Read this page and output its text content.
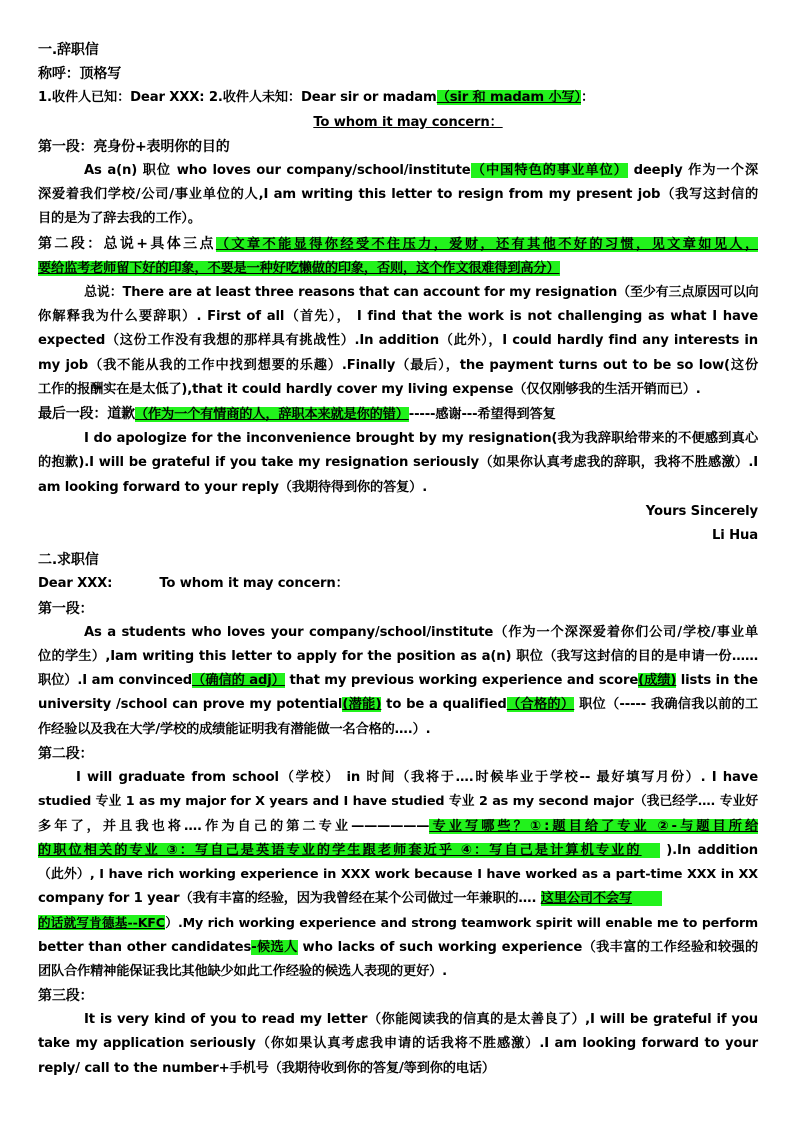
一.辞职信
称呼：顶格写
1.收件人已知：Dear XXX: 2.收件人未知：Dear sir or madam（sir 和 madam 小写）：
To whom it may concern：
第一段：亮身份+表明你的目的
As a(n) 职位 who loves our company/school/institute（中国特色的事业单位） deeply 作为一个深
深爱着我们学校/公司/事业单位的人,I am writing this letter to resign from my present job（我写这封信的
目的是为了辞去我的工作）。
第二段：总说+具体三点（文章不能显得你经受不住压力，爱财，还有其他不好的习惯，见文章如见人，
要给监考老师留下好的印象，不要是一种好吃懒做的印象，否则，这个作文很难得到高分）
总说：There are at least three reasons that can account for my resignation（至少有三点原因可以向
你解释我为什么要辞职）. First of all（首先）， I find that the work is not challenging as what I have
expected（这份工作没有我想的那样具有挑战性）.In addition（此外），I could hardly find any interests in
my job（我不能从我的工作中找到想要的乐趣）.Finally（最后），the payment turns out to be so low(这份
工作的报酬实在是太低了),that it could hardly cover my living expense（仅仅刚够我的生活开销而已）.
最后一段：道歉（作为一个有情商的人，辞职本来就是你的错）-----感谢---希望得到答复
I do apologize for the inconvenience brought by my resignation(我为我辞职给带来的不便感到真心
的抱歉).I will be grateful if you take my resignation seriously（如果你认真考虑我的辞职，我将不胜感激）.I
am looking forward to your reply（我期待得到你的答复）.
Yours Sincerely
Li Hua
二.求职信
Dear XXX:	To whom it may concern：
第一段：
As a students who loves your company/school/institute（作为一个深深爱着你们公司/学校/事业单
位的学生）,Iam writing this letter to apply for the position as a(n) 职位（我写这封信的目的是申请一份……
职位）.I am convinced（确信的 adj） that my previous working experience and score(成绩) lists in the
university /school can prove my potential(潜能) to be a qualified（合格的） 职位（----- 我确信我以前的工
作经验以及我在大学/学校的成绩能证明我有潜能做一名合格的….）.
第二段：
I will graduate from school（学校） in 时间（我将于….时候毕业于学校-- 最好填写月份）. I have
studied 专业 1 as my major for X years and I have studied 专业 2 as my second major（我已经学…. 专业好
多年了，并且我也将….作为自己的第二专业——————专业写哪些？①:题目给了专业 ②-与题目所给
的职位相关的专业 ③：写自己是英语专业的学生跟老师套近乎 ④：写自己是计算机专业的 ).In addition
（此外）, I have rich working experience in XXX work because I have worked as a part-time XXX in XX
company for 1 year（我有丰富的经验，因为我曾经在某个公司做过一年兼职的…. 这里公司不会写
的话就写肯德基--KFC）.My rich working experience and strong teamwork spirit will enable me to perform
better than other candidates-候选人 who lacks of such working experience（我丰富的工作经验和较强的
团队合作精神能保证我比其他缺少如此工作经验的候选人表现的更好）.
第三段：
It is very kind of you to read my letter（你能阅读我的信真的是太善良了）,I will be grateful if you
take my application seriously（你如果认真考虑我申请的话我将不胜感激）.I am looking forward to your
reply/ call to the number+手机号（我期待收到你的答复/等到你的电话）
